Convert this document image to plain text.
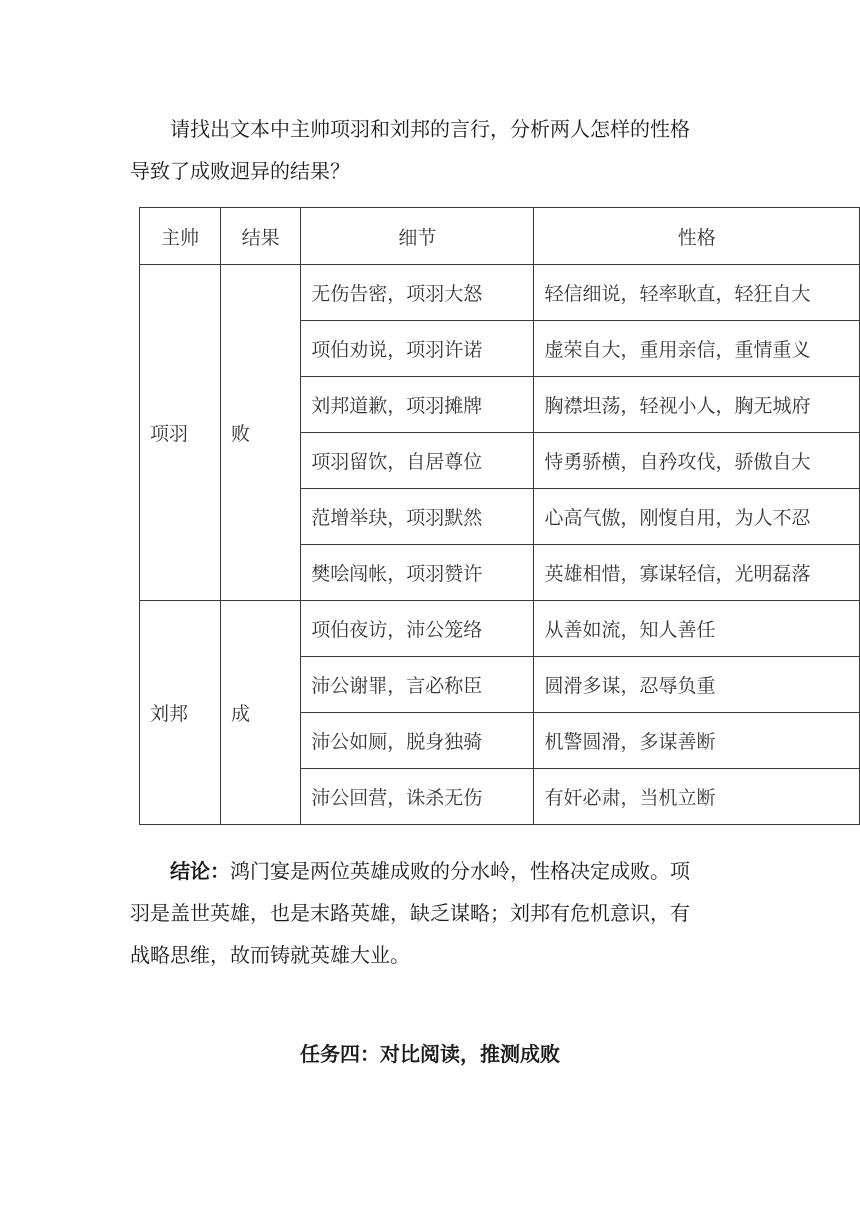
请找出文本中主帅项羽和刘邦的言行，分析两人怎样的性格
导致了成败迥异的结果？

主帅	结果	细节	性格
项羽	败	无伤告密，项羽大怒	轻信细说，轻率耿直，轻狂自大
		项伯劝说，项羽许诺	虚荣自大，重用亲信，重情重义
		刘邦道歉，项羽摊牌	胸襟坦荡，轻视小人，胸无城府
		项羽留饮，自居尊位	恃勇骄横，自矜攻伐，骄傲自大
		范增举玦，项羽默然	心高气傲，刚愎自用，为人不忍
		樊哙闯帐，项羽赞许	英雄相惜，寡谋轻信，光明磊落
刘邦	成	项伯夜访，沛公笼络	从善如流，知人善任
		沛公谢罪，言必称臣	圆滑多谋，忍辱负重
		沛公如厕，脱身独骑	机警圆滑，多谋善断
		沛公回营，诛杀无伤	有奸必肃，当机立断

结论：鸿门宴是两位英雄成败的分水岭，性格决定成败。项
羽是盖世英雄，也是末路英雄，缺乏谋略；刘邦有危机意识，有
战略思维，故而铸就英雄大业。

任务四：对比阅读，推测成败
